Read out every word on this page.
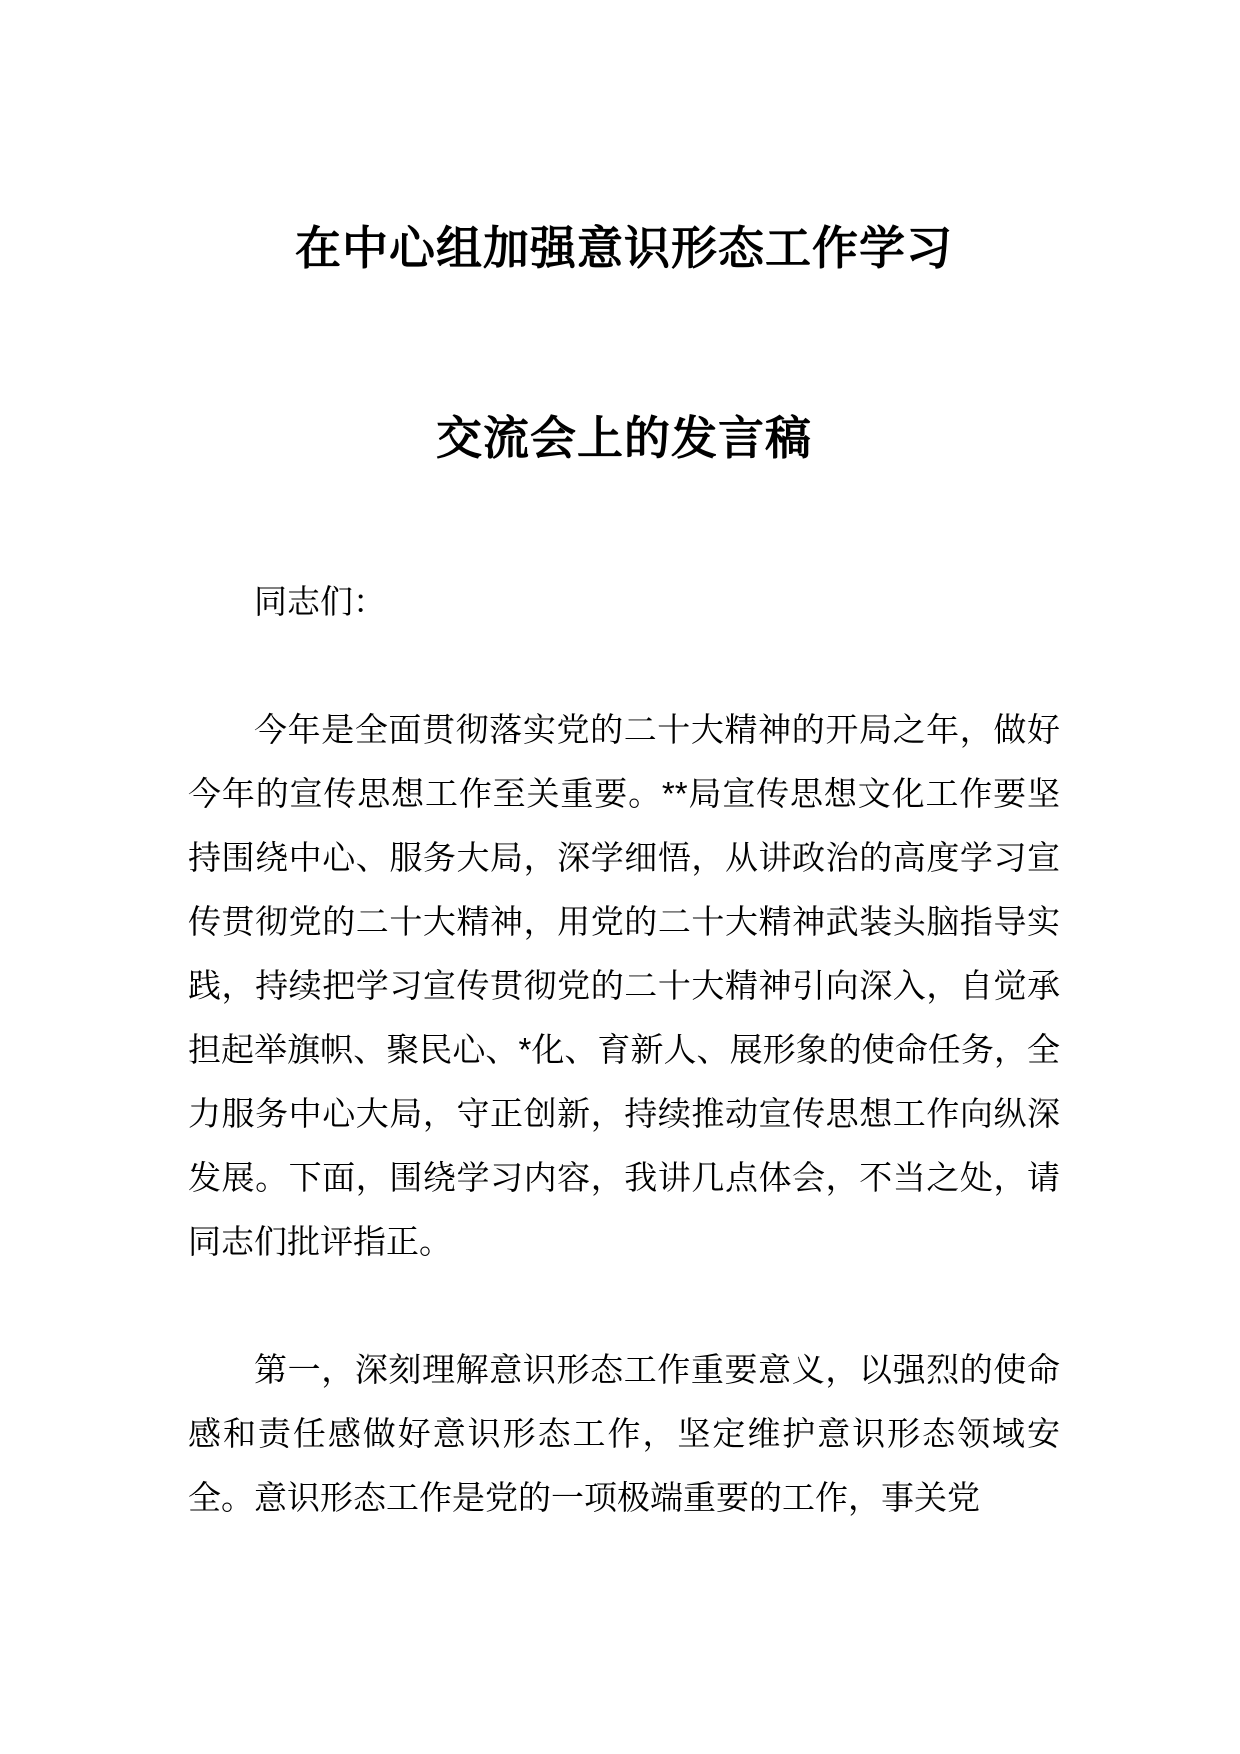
在中心组加强意识形态工作学习
交流会上的发言稿

同志们：

今年是全面贯彻落实党的二十大精神的开局之年，做好今年的宣传思想工作至关重要。**局宣传思想文化工作要坚持围绕中心、服务大局，深学细悟，从讲政治的高度学习宣传贯彻党的二十大精神，用党的二十大精神武装头脑指导实践，持续把学习宣传贯彻党的二十大精神引向深入，自觉承担起举旗帜、聚民心、*化、育新人、展形象的使命任务，全力服务中心大局，守正创新，持续推动宣传思想工作向纵深发展。下面，围绕学习内容，我讲几点体会，不当之处，请同志们批评指正。

第一，深刻理解意识形态工作重要意义，以强烈的使命感和责任感做好意识形态工作，坚定维护意识形态领域安全。意识形态工作是党的一项极端重要的工作，事关党
